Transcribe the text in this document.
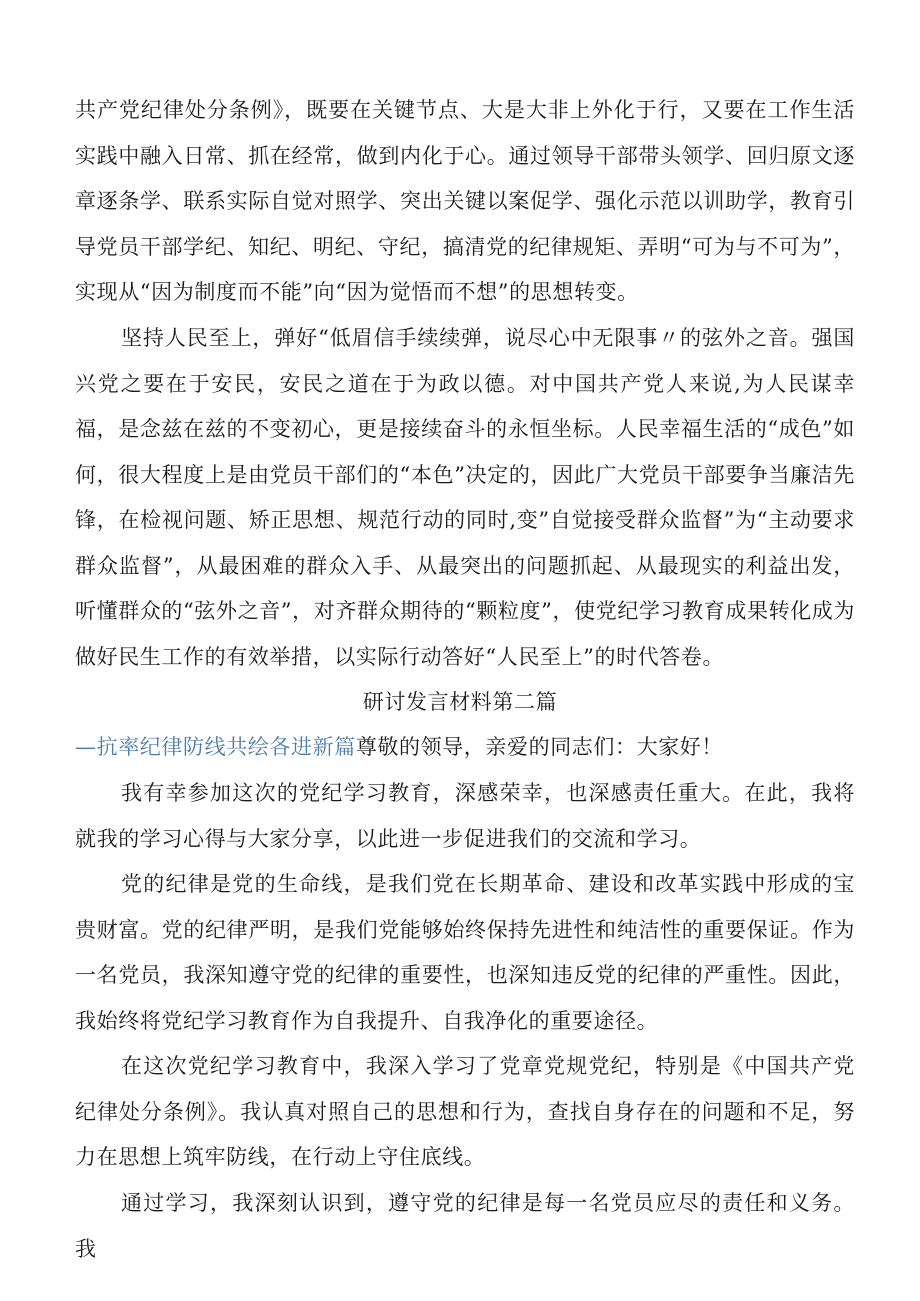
共产党纪律处分条例》，既要在关键节点、大是大非上外化于行，又要在工作生活实践中融入日常、抓在经常，做到内化于心。通过领导干部带头领学、回归原文逐章逐条学、联系实际自觉对照学、突出关键以案促学、强化示范以训助学，教育引导党员干部学纪、知纪、明纪、守纪，搞清党的纪律规矩、弄明“可为与不可为”，实现从“因为制度而不能”向“因为觉悟而不想”的思想转变。

坚持人民至上，弹好“低眉信手续续弹，说尽心中无限事〃的弦外之音。强国兴党之要在于安民，安民之道在于为政以德。对中国共产党人来说,为人民谋幸福，是念兹在兹的不变初心，更是接续奋斗的永恒坐标。人民幸福生活的“成色”如何，很大程度上是由党员干部们的“本色”决定的，因此广大党员干部要争当廉洁先锋，在检视问题、矫正思想、规范行动的同时,变”自觉接受群众监督”为“主动要求群众监督”，从最困难的群众入手、从最突出的问题抓起、从最现实的利益出发，听懂群众的“弦外之音”，对齐群众期待的“颗粒度”，使党纪学习教育成果转化成为做好民生工作的有效举措，以实际行动答好“人民至上”的时代答卷。

研讨发言材料第二篇

—抗率纪律防线共绘各进新篇尊敬的领导，亲爱的同志们：大家好！

我有幸参加这次的党纪学习教育，深感荣幸，也深感责任重大。在此，我将就我的学习心得与大家分享，以此进一步促进我们的交流和学习。

党的纪律是党的生命线，是我们党在长期革命、建设和改革实践中形成的宝贵财富。党的纪律严明，是我们党能够始终保持先进性和纯洁性的重要保证。作为一名党员，我深知遵守党的纪律的重要性，也深知违反党的纪律的严重性。因此，我始终将党纪学习教育作为自我提升、自我净化的重要途径。

在这次党纪学习教育中，我深入学习了党章党规党纪，特别是《中国共产党纪律处分条例》。我认真对照自己的思想和行为，查找自身存在的问题和不足，努力在思想上筑牢防线，在行动上守住底线。

通过学习，我深刻认识到，遵守党的纪律是每一名党员应尽的责任和义务。我
